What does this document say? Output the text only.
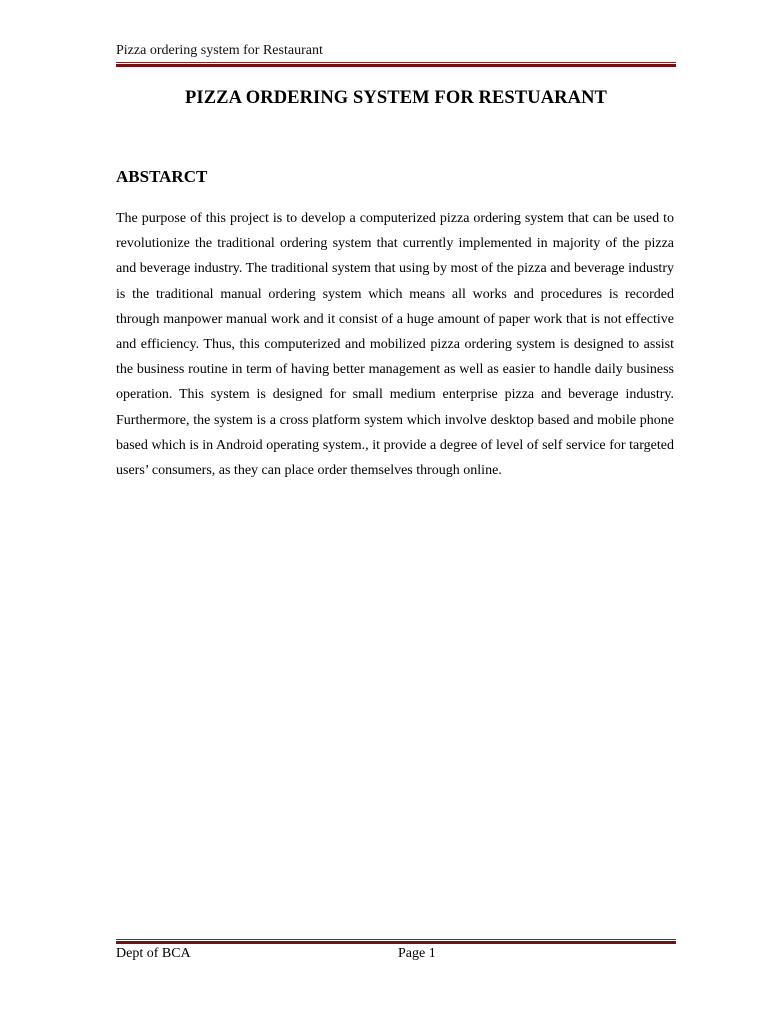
Pizza ordering system for Restaurant
PIZZA ORDERING SYSTEM FOR RESTUARANT
ABSTARCT

The purpose of this project is to develop a computerized pizza ordering system that can be used to revolutionize the traditional ordering system that currently implemented in majority of the pizza and beverage industry. The traditional system that using by most of the pizza and beverage industry is the traditional manual ordering system which means all works and procedures is recorded through manpower manual work and it consist of a huge amount of paper work that is not effective and efficiency. Thus, this computerized and mobilized pizza ordering system is designed to assist the business routine in term of having better management as well as easier to handle daily business operation. This system is designed for small medium enterprise pizza and beverage industry. Furthermore, the system is a cross platform system which involve desktop based and mobile phone based which is in Android operating system., it provide a degree of level of self service for targeted users’ consumers, as they can place order themselves through online.

Dept of BCA	Page 1
